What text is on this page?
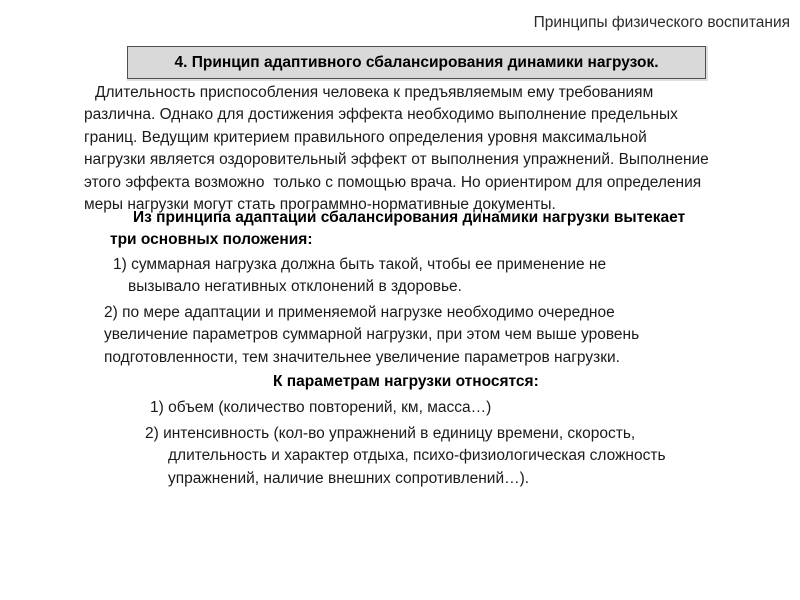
Принципы физического воспитания
4. Принцип адаптивного сбалансирования динамики нагрузок.
Длительность приспособления человека к предъявляемым ему требованиям
различна. Однако для достижения эффекта необходимо выполнение предельных
границ. Ведущим критерием правильного определения уровня максимальной
нагрузки является оздоровительный эффект от выполнения упражнений. Выполнение
этого эффекта возможно  только с помощью врача. Но ориентиром для определения
меры нагрузки могут стать программно-нормативные документы.
Из принципа адаптации сбалансирования динамики нагрузки вытекает
три основных положения:
1) суммарная нагрузка должна быть такой, чтобы ее применение не
вызывало негативных отклонений в здоровье.
2) по мере адаптации и применяемой нагрузке необходимо очередное
увеличение параметров суммарной нагрузки, при этом чем выше уровень
подготовленности, тем значительнее увеличение параметров нагрузки.
К параметрам нагрузки относятся:
1) объем (количество повторений, км, масса…)
2) интенсивность (кол-во упражнений в единицу времени, скорость,
длительность и характер отдыха, психо-физиологическая сложность
упражнений, наличие внешних сопротивлений…).
